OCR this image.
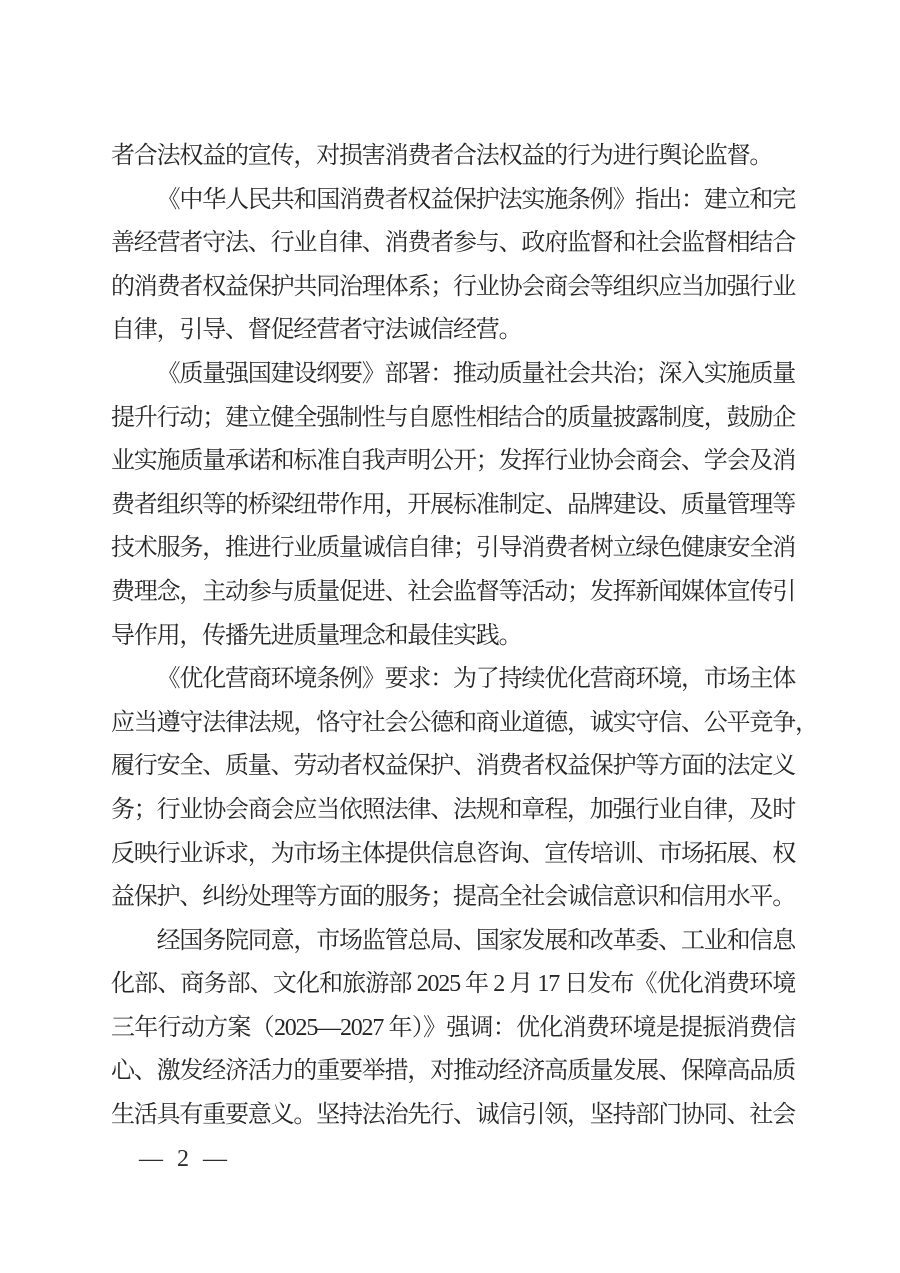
者合法权益的宣传，对损害消费者合法权益的行为进行舆论监督。
《中华人民共和国消费者权益保护法实施条例》指出：建立和完
善经营者守法、行业自律、消费者参与、政府监督和社会监督相结合
的消费者权益保护共同治理体系；行业协会商会等组织应当加强行业
自律，引导、督促经营者守法诚信经营。
《质量强国建设纲要》部署：推动质量社会共治；深入实施质量
提升行动；建立健全强制性与自愿性相结合的质量披露制度，鼓励企
业实施质量承诺和标准自我声明公开；发挥行业协会商会、学会及消
费者组织等的桥梁纽带作用，开展标准制定、品牌建设、质量管理等
技术服务，推进行业质量诚信自律；引导消费者树立绿色健康安全消
费理念，主动参与质量促进、社会监督等活动；发挥新闻媒体宣传引
导作用，传播先进质量理念和最佳实践。
《优化营商环境条例》要求：为了持续优化营商环境，市场主体
应当遵守法律法规，恪守社会公德和商业道德，诚实守信、公平竞争，
履行安全、质量、劳动者权益保护、消费者权益保护等方面的法定义
务；行业协会商会应当依照法律、法规和章程，加强行业自律，及时
反映行业诉求，为市场主体提供信息咨询、宣传培训、市场拓展、权
益保护、纠纷处理等方面的服务；提高全社会诚信意识和信用水平。
经国务院同意，市场监管总局、国家发展和改革委、工业和信息
化部、商务部、文化和旅游部 2025 年 2 月 17 日发布《优化消费环境
三年行动方案（2025—2027 年）》强调：优化消费环境是提振消费信
心、激发经济活力的重要举措，对推动经济高质量发展、保障高品质
生活具有重要意义。坚持法治先行、诚信引领，坚持部门协同、社会
— 2 —
